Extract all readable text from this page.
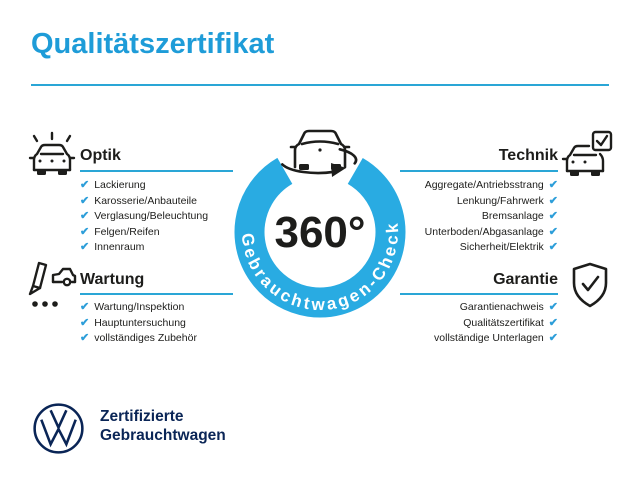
Qualitätszertifikat
Optik
✔ Lackierung
✔ Karosserie/Anbauteile
✔ Verglasung/Beleuchtung
✔ Felgen/Reifen
✔ Innenraum
Technik
✔
Aggregate/Antriebsstrang
✔
Lenkung/Fahrwerk
✔
Bremsanlage
✔
Unterboden/Abgasanlage
✔
Sicherheit/Elektrik
Wartung
✔ Wartung/Inspektion
✔ Hauptuntersuchung
✔ vollständiges Zubehör
Garantie
✔
Garantienachweis
✔
Qualitätszertifikat
✔
vollständige Unterlagen
360°
Gebrauchtwagen-Check
Zertifizierte
Gebrauchtwagen
